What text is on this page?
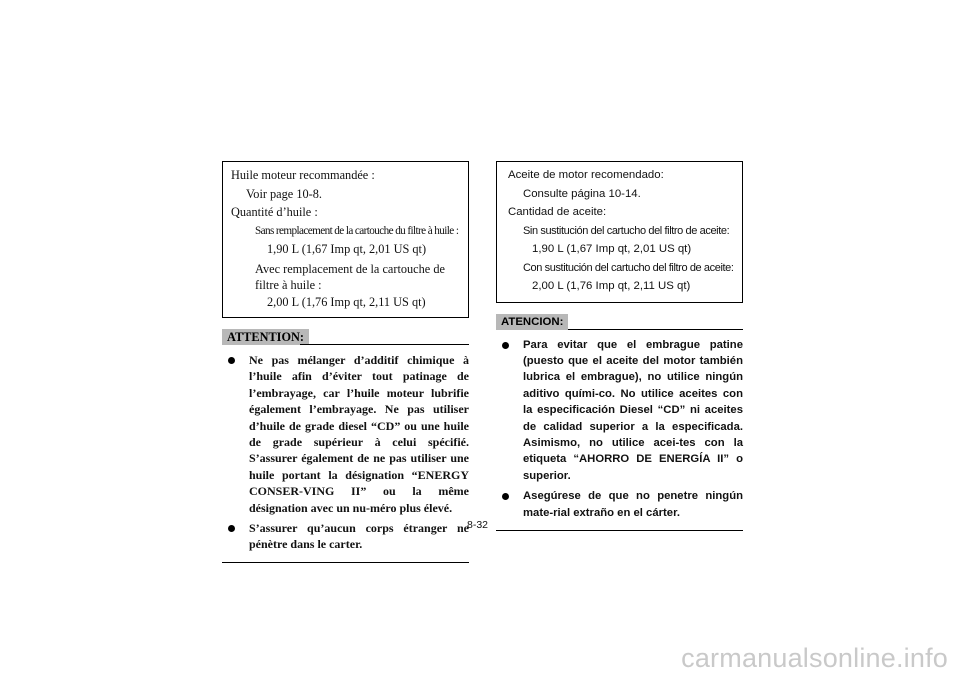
Huile moteur recommandée :
Voir page 10-8.
Quantité d’huile :
Sans remplacement de la cartouche du filtre à huile :
1,90 L (1,67 Imp qt, 2,01 US qt)
Avec remplacement de la cartouche de filtre à huile :
2,00 L (1,76 Imp qt, 2,11 US qt)
ATTENTION:
Ne pas mélanger d’additif chimique à l’huile afin d’éviter tout patinage de l’embrayage, car l’huile moteur lubrifie également l’embrayage. Ne pas utiliser d’huile de grade diesel “CD” ou une huile de grade supérieur à celui spécifié. S’assurer également de ne pas utiliser une huile portant la désignation “ENERGY CONSER-VING II” ou la même désignation avec un nu-méro plus élevé.
S’assurer qu’aucun corps étranger ne pénètre dans le carter.
Aceite de motor recomendado:
Consulte página 10-14.
Cantidad de aceite:
Sin sustitución del cartucho del filtro de aceite:
1,90 L (1,67 Imp qt, 2,01 US qt)
Con sustitución del cartucho del filtro de aceite:
2,00 L (1,76 Imp qt, 2,11 US qt)
ATENCION:
Para evitar que el embrague patine (puesto que el aceite del motor también lubrica el embrague), no utilice ningún aditivo quími-co. No utilice aceites con la especificación Diesel “CD” ni aceites de calidad superior a la especificada. Asimismo, no utilice acei-tes con la etiqueta “AHORRO DE ENERGÍA II” o superior.
Asegúrese de que no penetre ningún mate-rial extraño en el cárter.
8-32
carmanualsonline.info
